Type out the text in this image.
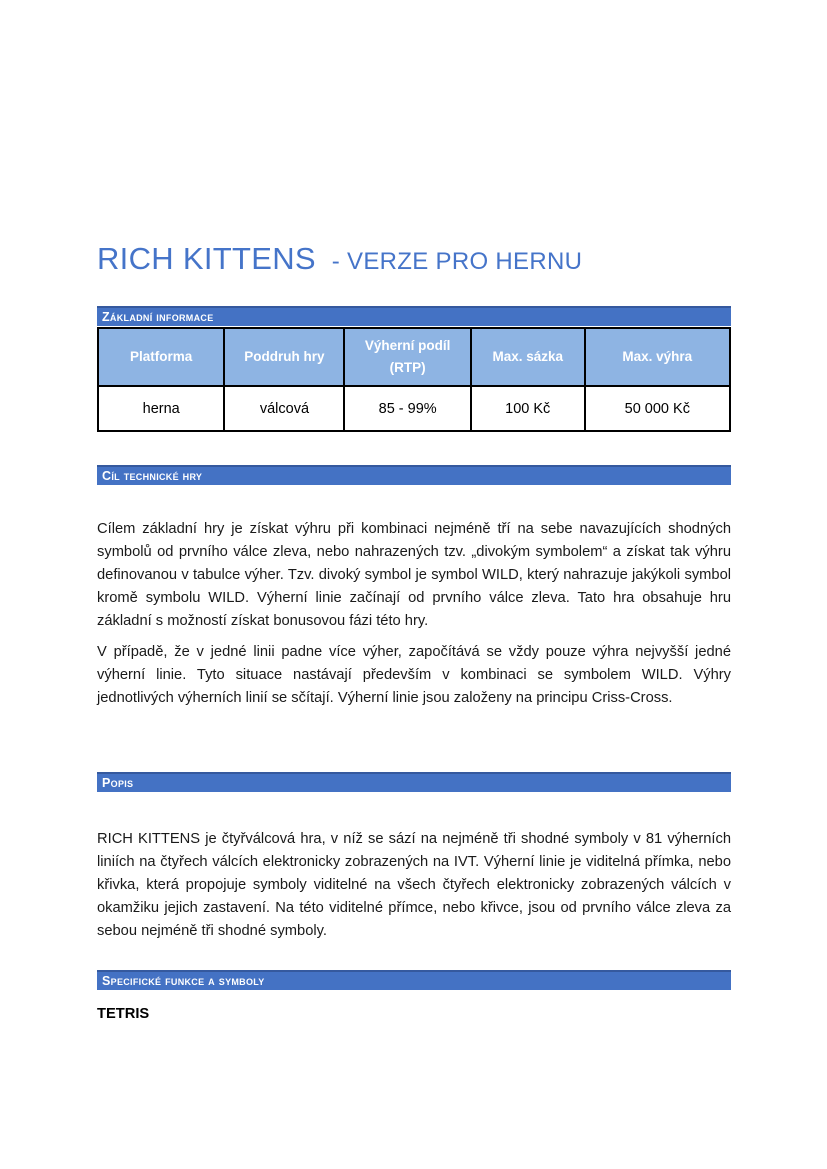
RICH KITTENS - VERZE PRO HERNU
Základní informace
Platforma	Poddruh hry	Výherní podíl (RTP)	Max. sázka	Max. výhra
herna	válcová	85 - 99%	100 Kč	50 000 Kč
Cíl technické hry

Cílem základní hry je získat výhru při kombinaci nejméně tří na sebe navazujících shodných symbolů od prvního válce zleva, nebo nahrazených tzv. „divokým symbolem“ a získat tak výhru definovanou v tabulce výher. Tzv. divoký symbol je symbol WILD, který nahrazuje jakýkoli symbol kromě symbolu WILD. Výherní linie začínají od prvního válce zleva. Tato hra obsahuje hru základní s možností získat bonusovou fázi této hry.

V případě, že v jedné linii padne více výher, započítává se vždy pouze výhra nejvyšší jedné výherní linie. Tyto situace nastávají především v kombinaci se symbolem WILD. Výhry jednotlivých výherních linií se sčítají. Výherní linie jsou založeny na principu Criss-Cross.

Popis

RICH KITTENS je čtyřválcová hra, v níž se sází na nejméně tři shodné symboly v 81 výherních liniích na čtyřech válcích elektronicky zobrazených na IVT. Výherní linie je viditelná přímka, nebo křivka, která propojuje symboly viditelné na všech čtyřech elektronicky zobrazených válcích v okamžiku jejich zastavení. Na této viditelné přímce, nebo křivce, jsou od prvního válce zleva za sebou nejméně tři shodné symboly.

Specifické funkce a symboly

TETRIS
